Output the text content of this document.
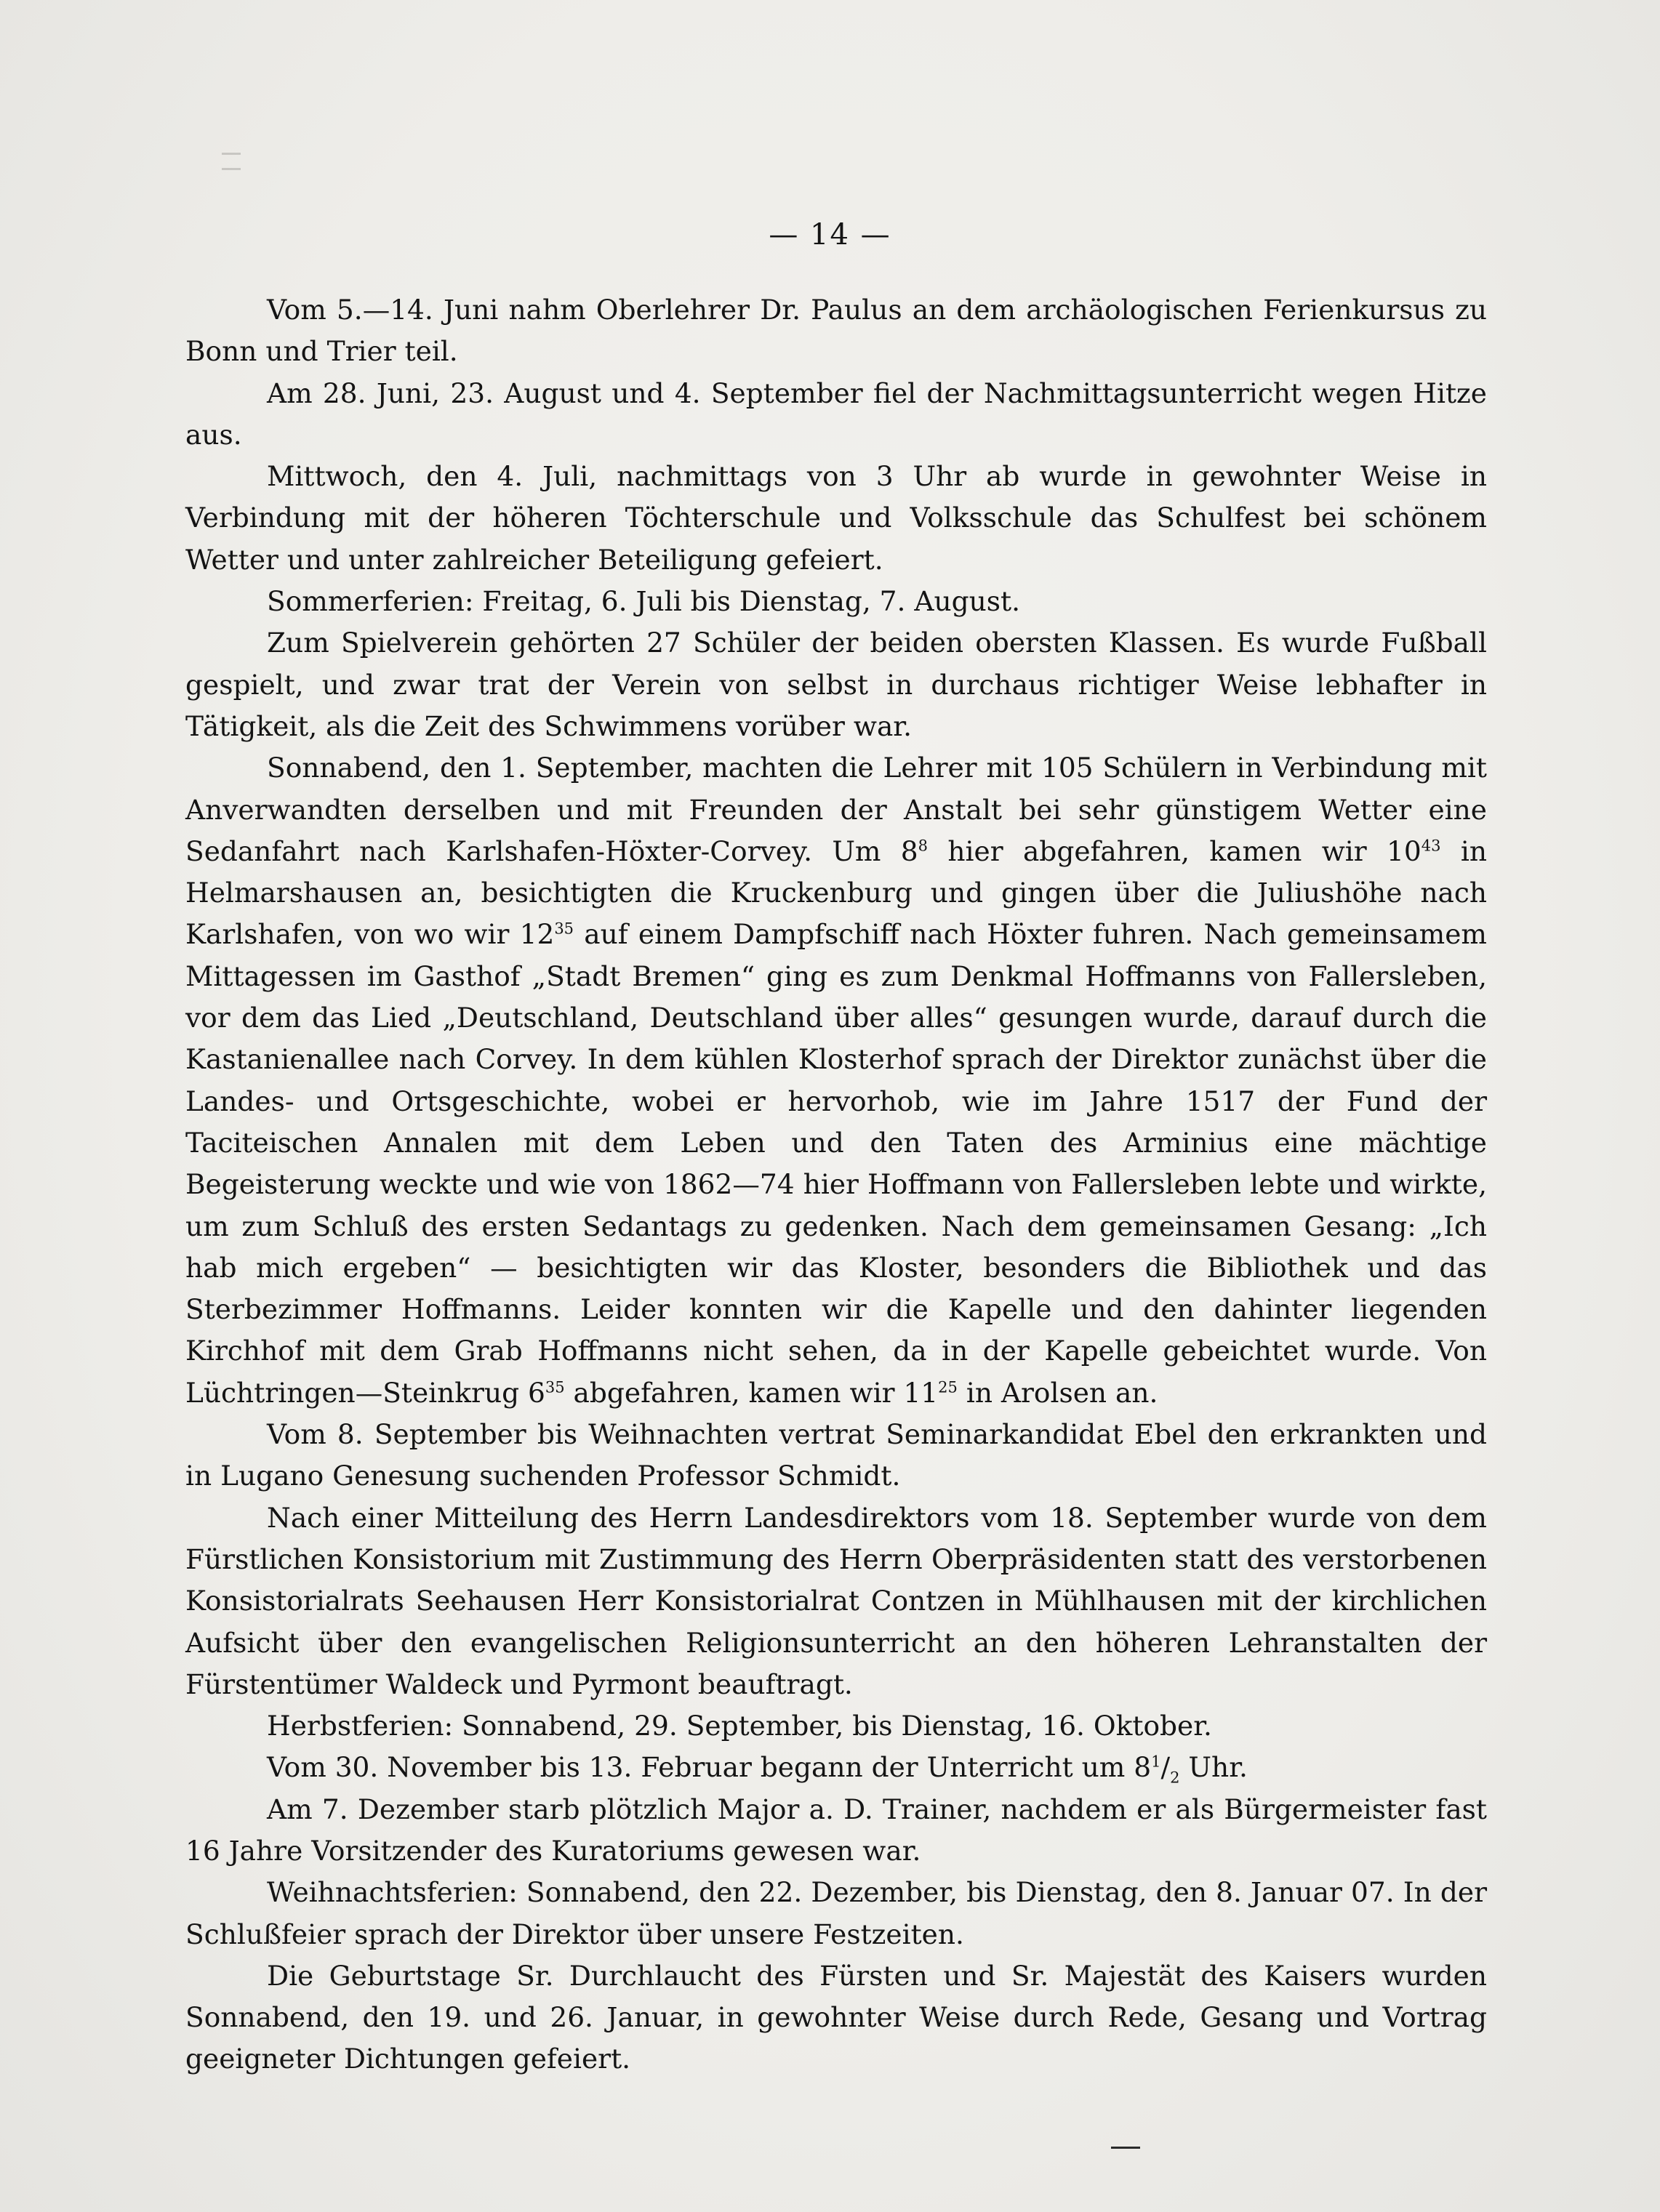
— 14 —

Vom 5.—14. Juni nahm Oberlehrer Dr. Paulus an dem archäologischen Ferienkursus zu Bonn und Trier teil.

Am 28. Juni, 23. August und 4. September fiel der Nachmittagsunterricht wegen Hitze aus.

Mittwoch, den 4. Juli, nachmittags von 3 Uhr ab wurde in gewohnter Weise in Verbindung mit der höheren Töchterschule und Volksschule das Schulfest bei schönem Wetter und unter zahlreicher Beteiligung gefeiert.

Sommerferien: Freitag, 6. Juli bis Dienstag, 7. August.

Zum Spielverein gehörten 27 Schüler der beiden obersten Klassen. Es wurde Fußball gespielt, und zwar trat der Verein von selbst in durchaus richtiger Weise lebhafter in Tätigkeit, als die Zeit des Schwimmens vorüber war.

Sonnabend, den 1. September, machten die Lehrer mit 105 Schülern in Verbindung mit Anverwandten derselben und mit Freunden der Anstalt bei sehr günstigem Wetter eine Sedanfahrt nach Karlshafen-Höxter-Corvey. Um $8^8$ hier abgefahren, kamen wir $10^{43}$ in Helmarshausen an, besichtigten die Kruckenburg und gingen über die Juliushöhe nach Karlshafen, von wo wir $12^{35}$ auf einem Dampfschiff nach Höxter fuhren. Nach gemeinsamem Mittagessen im Gasthof „Stadt Bremen“ ging es zum Denkmal Hoffmanns von Fallersleben, vor dem das Lied „Deutschland, Deutschland über alles“ gesungen wurde, darauf durch die Kastanienallee nach Corvey. In dem kühlen Klosterhof sprach der Direktor zunächst über die Landes- und Ortsgeschichte, wobei er hervorhob, wie im Jahre 1517 der Fund der Taciteischen Annalen mit dem Leben und den Taten des Arminius eine mächtige Begeisterung weckte und wie von 1862—74 hier Hoffmann von Fallersleben lebte und wirkte, um zum Schluß des ersten Sedantags zu gedenken. Nach dem gemeinsamen Gesang: „Ich hab mich ergeben“ — besichtigten wir das Kloster, besonders die Bibliothek und das Sterbezimmer Hoffmanns. Leider konnten wir die Kapelle und den dahinter liegenden Kirchhof mit dem Grab Hoffmanns nicht sehen, da in der Kapelle gebeichtet wurde. Von Lüchtringen—Steinkrug $6^{35}$ abgefahren, kamen wir $11^{25}$ in Arolsen an.

Vom 8. September bis Weihnachten vertrat Seminarkandidat Ebel den erkrankten und in Lugano Genesung suchenden Professor Schmidt.

Nach einer Mitteilung des Herrn Landesdirektors vom 18. September wurde von dem Fürstlichen Konsistorium mit Zustimmung des Herrn Oberpräsidenten statt des verstorbenen Konsistorialrats Seehausen Herr Konsistorialrat Contzen in Mühlhausen mit der kirchlichen Aufsicht über den evangelischen Religionsunterricht an den höheren Lehranstalten der Fürstentümer Waldeck und Pyrmont beauftragt.

Herbstferien: Sonnabend, 29. September, bis Dienstag, 16. Oktober.

Vom 30. November bis 13. Februar begann der Unterricht um $8^1/_2$ Uhr.

Am 7. Dezember starb plötzlich Major a. D. Trainer, nachdem er als Bürgermeister fast 16 Jahre Vorsitzender des Kuratoriums gewesen war.

Weihnachtsferien: Sonnabend, den 22. Dezember, bis Dienstag, den 8. Januar 07. In der Schlußfeier sprach der Direktor über unsere Festzeiten.

Die Geburtstage Sr. Durchlaucht des Fürsten und Sr. Majestät des Kaisers wurden Sonnabend, den 19. und 26. Januar, in gewohnter Weise durch Rede, Gesang und Vortrag geeigneter Dichtungen gefeiert.
